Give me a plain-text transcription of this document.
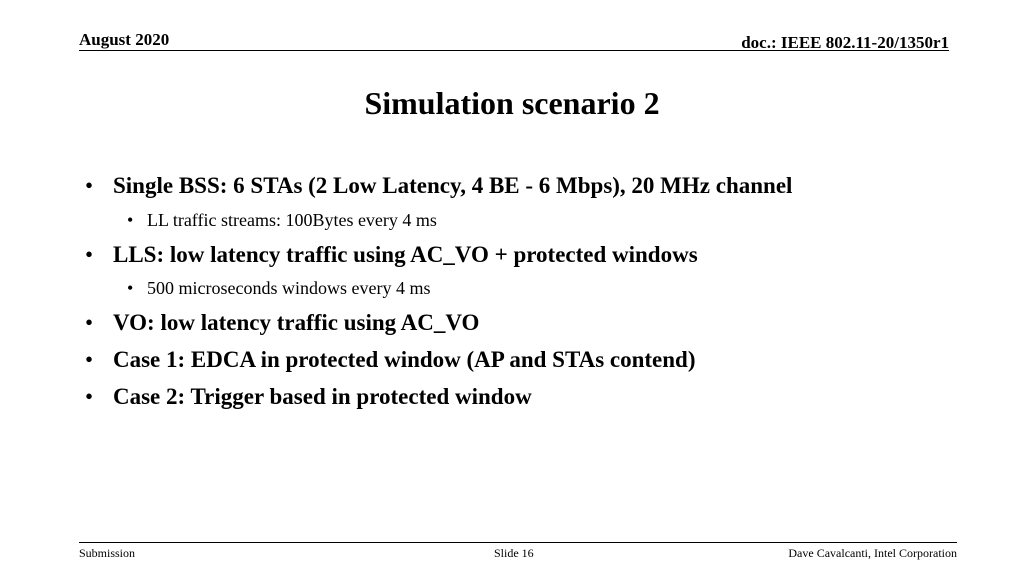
August 2020	doc.: IEEE 802.11-20/1350r1
Simulation scenario 2
• Single BSS: 6 STAs (2 Low Latency, 4 BE - 6 Mbps), 20 MHz channel
• LL traffic streams: 100Bytes every 4 ms
• LLS: low latency traffic using AC_VO + protected windows
• 500 microseconds windows every 4 ms
• VO: low latency traffic using AC_VO
• Case 1: EDCA in protected window (AP and STAs contend)
• Case 2: Trigger based in protected window
Submission	Slide 16	Dave Cavalcanti, Intel Corporation
